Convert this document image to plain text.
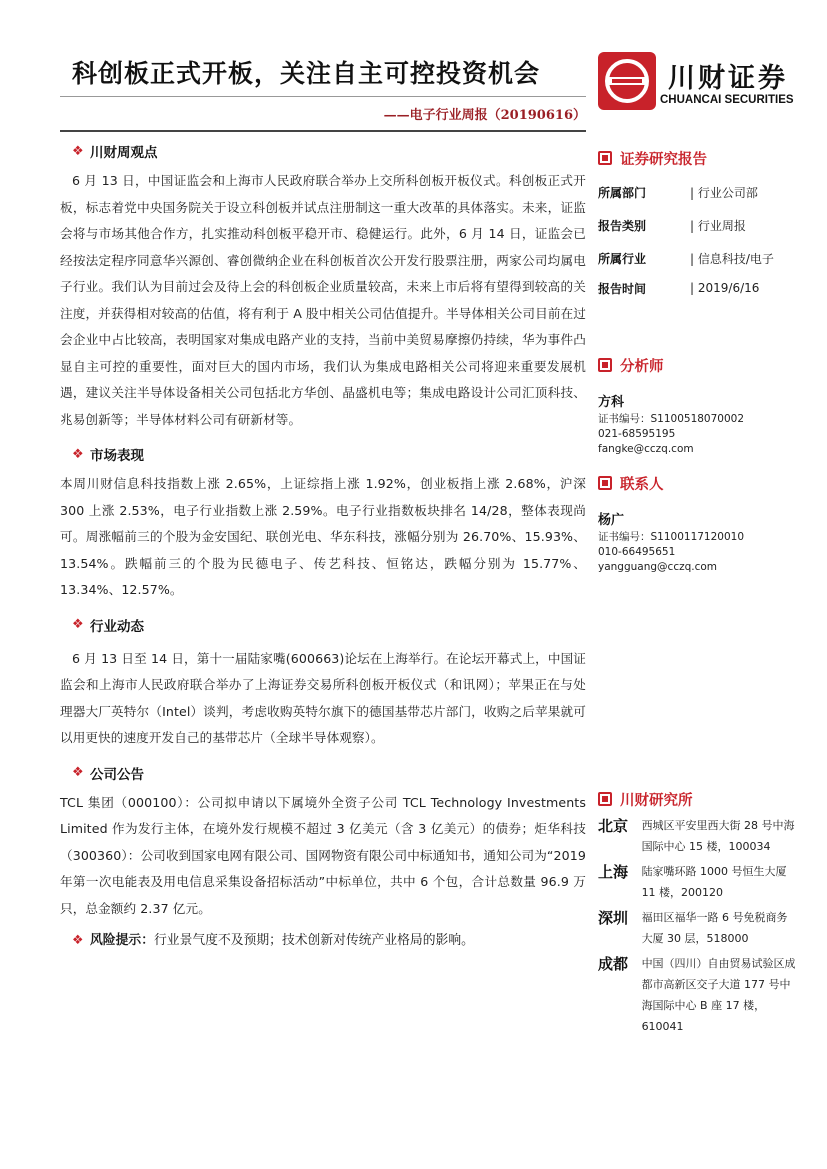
科创板正式开板，关注自主可控投资机会
——电子行业周报（20190616）
川财证券
CHUANCAI SECURITIES
❖ 川财周观点

6 月 13 日，中国证监会和上海市人民政府联合举办上交所科创板开板仪式。科创板正式开板，标志着党中央国务院关于设立科创板并试点注册制这一重大改革的具体落实。未来，证监会将与市场其他合作方，扎实推动科创板平稳开市、稳健运行。此外，6 月 14 日，证监会已经按法定程序同意华兴源创、睿创微纳企业在科创板首次公开发行股票注册，两家公司均属电子行业。我们认为目前过会及待上会的科创板企业质量较高，未来上市后将有望得到较高的关注度，并获得相对较高的估值，将有利于 A 股中相关公司估值提升。半导体相关公司目前在过会企业中占比较高，表明国家对集成电路产业的支持，当前中美贸易摩擦仍持续，华为事件凸显自主可控的重要性，面对巨大的国内市场，我们认为集成电路相关公司将迎来重要发展机遇，建议关注半导体设备相关公司包括北方华创、晶盛机电等；集成电路设计公司汇顶科技、兆易创新等；半导体材料公司有研新材等。

❖ 市场表现

本周川财信息科技指数上涨 2.65%，上证综指上涨 1.92%，创业板指上涨 2.68%，沪深 300 上涨 2.53%，电子行业指数上涨 2.59%。电子行业指数板块排名 14/28，整体表现尚可。周涨幅前三的个股为金安国纪、联创光电、华东科技，涨幅分别为 26.70%、15.93%、13.54%。跌幅前三的个股为民德电子、传艺科技、恒铭达，跌幅分别为 15.77%、13.34%、12.57%。

❖ 行业动态

6 月 13 日至 14 日，第十一届陆家嘴(600663)论坛在上海举行。在论坛开幕式上，中国证监会和上海市人民政府联合举办了上海证券交易所科创板开板仪式（和讯网）；苹果正在与处理器大厂英特尔（Intel）谈判，考虑收购英特尔旗下的德国基带芯片部门，收购之后苹果就可以用更快的速度开发自己的基带芯片（全球半导体观察）。

❖ 公司公告

TCL 集团（000100）：公司拟申请以下属境外全资子公司 TCL Technology Investments Limited 作为发行主体，在境外发行规模不超过 3 亿美元（含 3 亿美元）的债券；炬华科技（300360）：公司收到国家电网有限公司、国网物资有限公司中标通知书，通知公司为“2019 年第一次电能表及用电信息采集设备招标活动”中标单位，共中 6 个包，合计总数量 96.9 万只，总金额约 2.37 亿元。

❖ 风险提示： 行业景气度不及预期；技术创新对传统产业格局的影响。
证券研究报告
所属部门	| 行业公司部
报告类别	| 行业周报
所属行业	| 信息科技/电子
报告时间	| 2019/6/16
分析师
方科
证书编号：S1100518070002
021-68595195
fangke@cczq.com
联系人
杨广
证书编号：S1100117120010
010-66495651
yangguang@cczq.com
川财研究所
北京	西城区平安里西大街 28 号中海国际中心 15 楼，100034
上海	陆家嘴环路 1000 号恒生大厦 11 楼，200120
深圳	福田区福华一路 6 号免税商务大厦 30 层，518000
成都	中国（四川）自由贸易试验区成都市高新区交子大道 177 号中海国际中心 B 座 17 楼，610041
